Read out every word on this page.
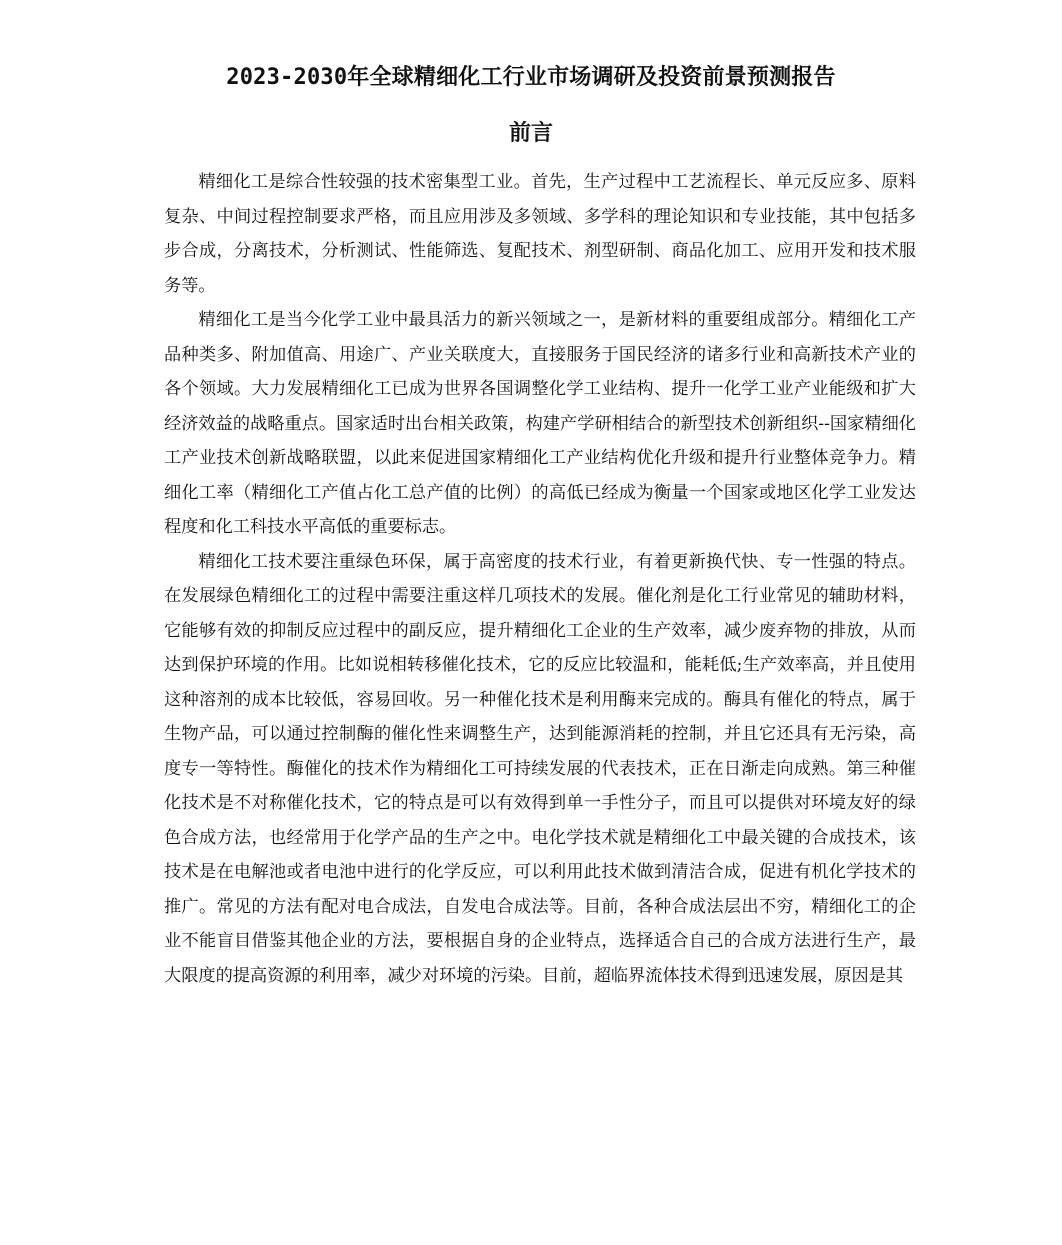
2023-2030年全球精细化工行业市场调研及投资前景预测报告
前言

精细化工是综合性较强的技术密集型工业。首先，生产过程中工艺流程长、单元反应多、原料复杂、中间过程控制要求严格，而且应用涉及多领域、多学科的理论知识和专业技能，其中包括多步合成，分离技术，分析测试、性能筛选、复配技术、剂型研制、商品化加工、应用开发和技术服务等。

精细化工是当今化学工业中最具活力的新兴领域之一，是新材料的重要组成部分。精细化工产品种类多、附加值高、用途广、产业关联度大，直接服务于国民经济的诸多行业和高新技术产业的各个领域。大力发展精细化工已成为世界各国调整化学工业结构、提升一化学工业产业能级和扩大经济效益的战略重点。国家适时出台相关政策，构建产学研相结合的新型技术创新组织--国家精细化工产业技术创新战略联盟，以此来促进国家精细化工产业结构优化升级和提升行业整体竞争力。精细化工率（精细化工产值占化工总产值的比例）的高低已经成为衡量一个国家或地区化学工业发达程度和化工科技水平高低的重要标志。

精细化工技术要注重绿色环保，属于高密度的技术行业，有着更新换代快、专一性强的特点。在发展绿色精细化工的过程中需要注重这样几项技术的发展。催化剂是化工行业常见的辅助材料，它能够有效的抑制反应过程中的副反应，提升精细化工企业的生产效率，减少废弃物的排放，从而达到保护环境的作用。比如说相转移催化技术，它的反应比较温和，能耗低;生产效率高，并且使用这种溶剂的成本比较低，容易回收。另一种催化技术是利用酶来完成的。酶具有催化的特点，属于生物产品，可以通过控制酶的催化性来调整生产，达到能源消耗的控制，并且它还具有无污染，高度专一等特性。酶催化的技术作为精细化工可持续发展的代表技术，正在日渐走向成熟。第三种催化技术是不对称催化技术，它的特点是可以有效得到单一手性分子，而且可以提供对环境友好的绿色合成方法，也经常用于化学产品的生产之中。电化学技术就是精细化工中最关键的合成技术，该技术是在电解池或者电池中进行的化学反应，可以利用此技术做到清洁合成，促进有机化学技术的推广。常见的方法有配对电合成法，自发电合成法等。目前，各种合成法层出不穷，精细化工的企业不能盲目借鉴其他企业的方法，要根据自身的企业特点，选择适合自己的合成方法进行生产，最大限度的提高资源的利用率，减少对环境的污染。目前，超临界流体技术得到迅速发展，原因是其
